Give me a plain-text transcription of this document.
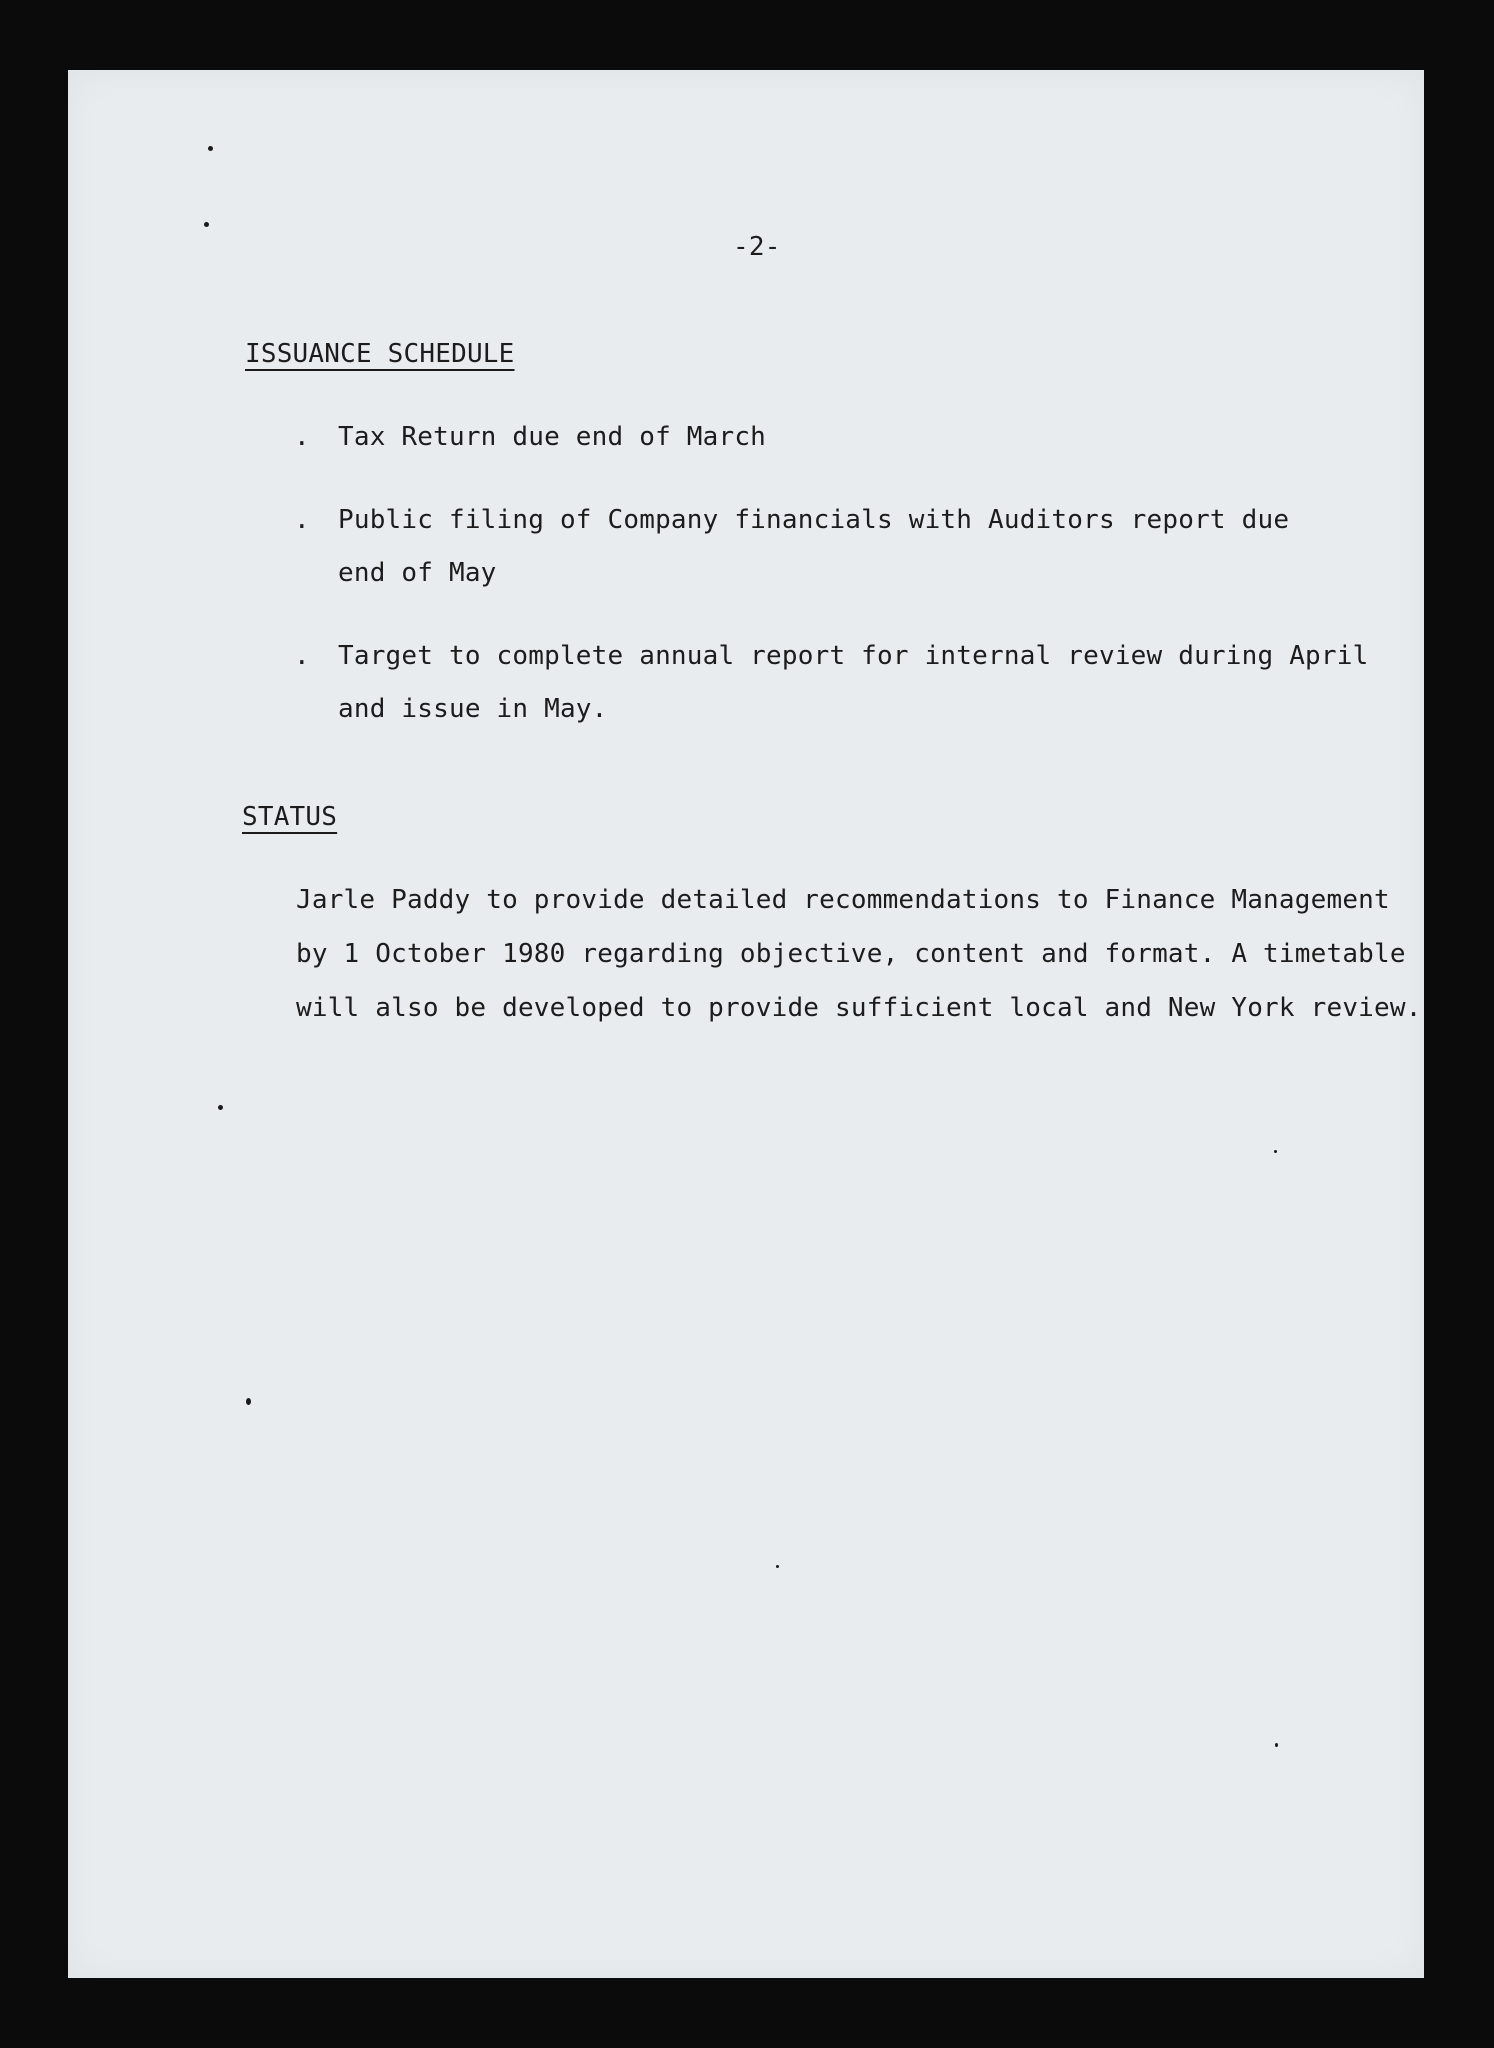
-2-
ISSUANCE SCHEDULE
. Tax Return due end of March
. Public filing of Company financials with Auditors report due
end of May
. Target to complete annual report for internal review during April
and issue in May.
STATUS
Jarle Paddy to provide detailed recommendations to Finance Management
by 1 October 1980 regarding objective, content and format. A timetable
will also be developed to provide sufficient local and New York review.
